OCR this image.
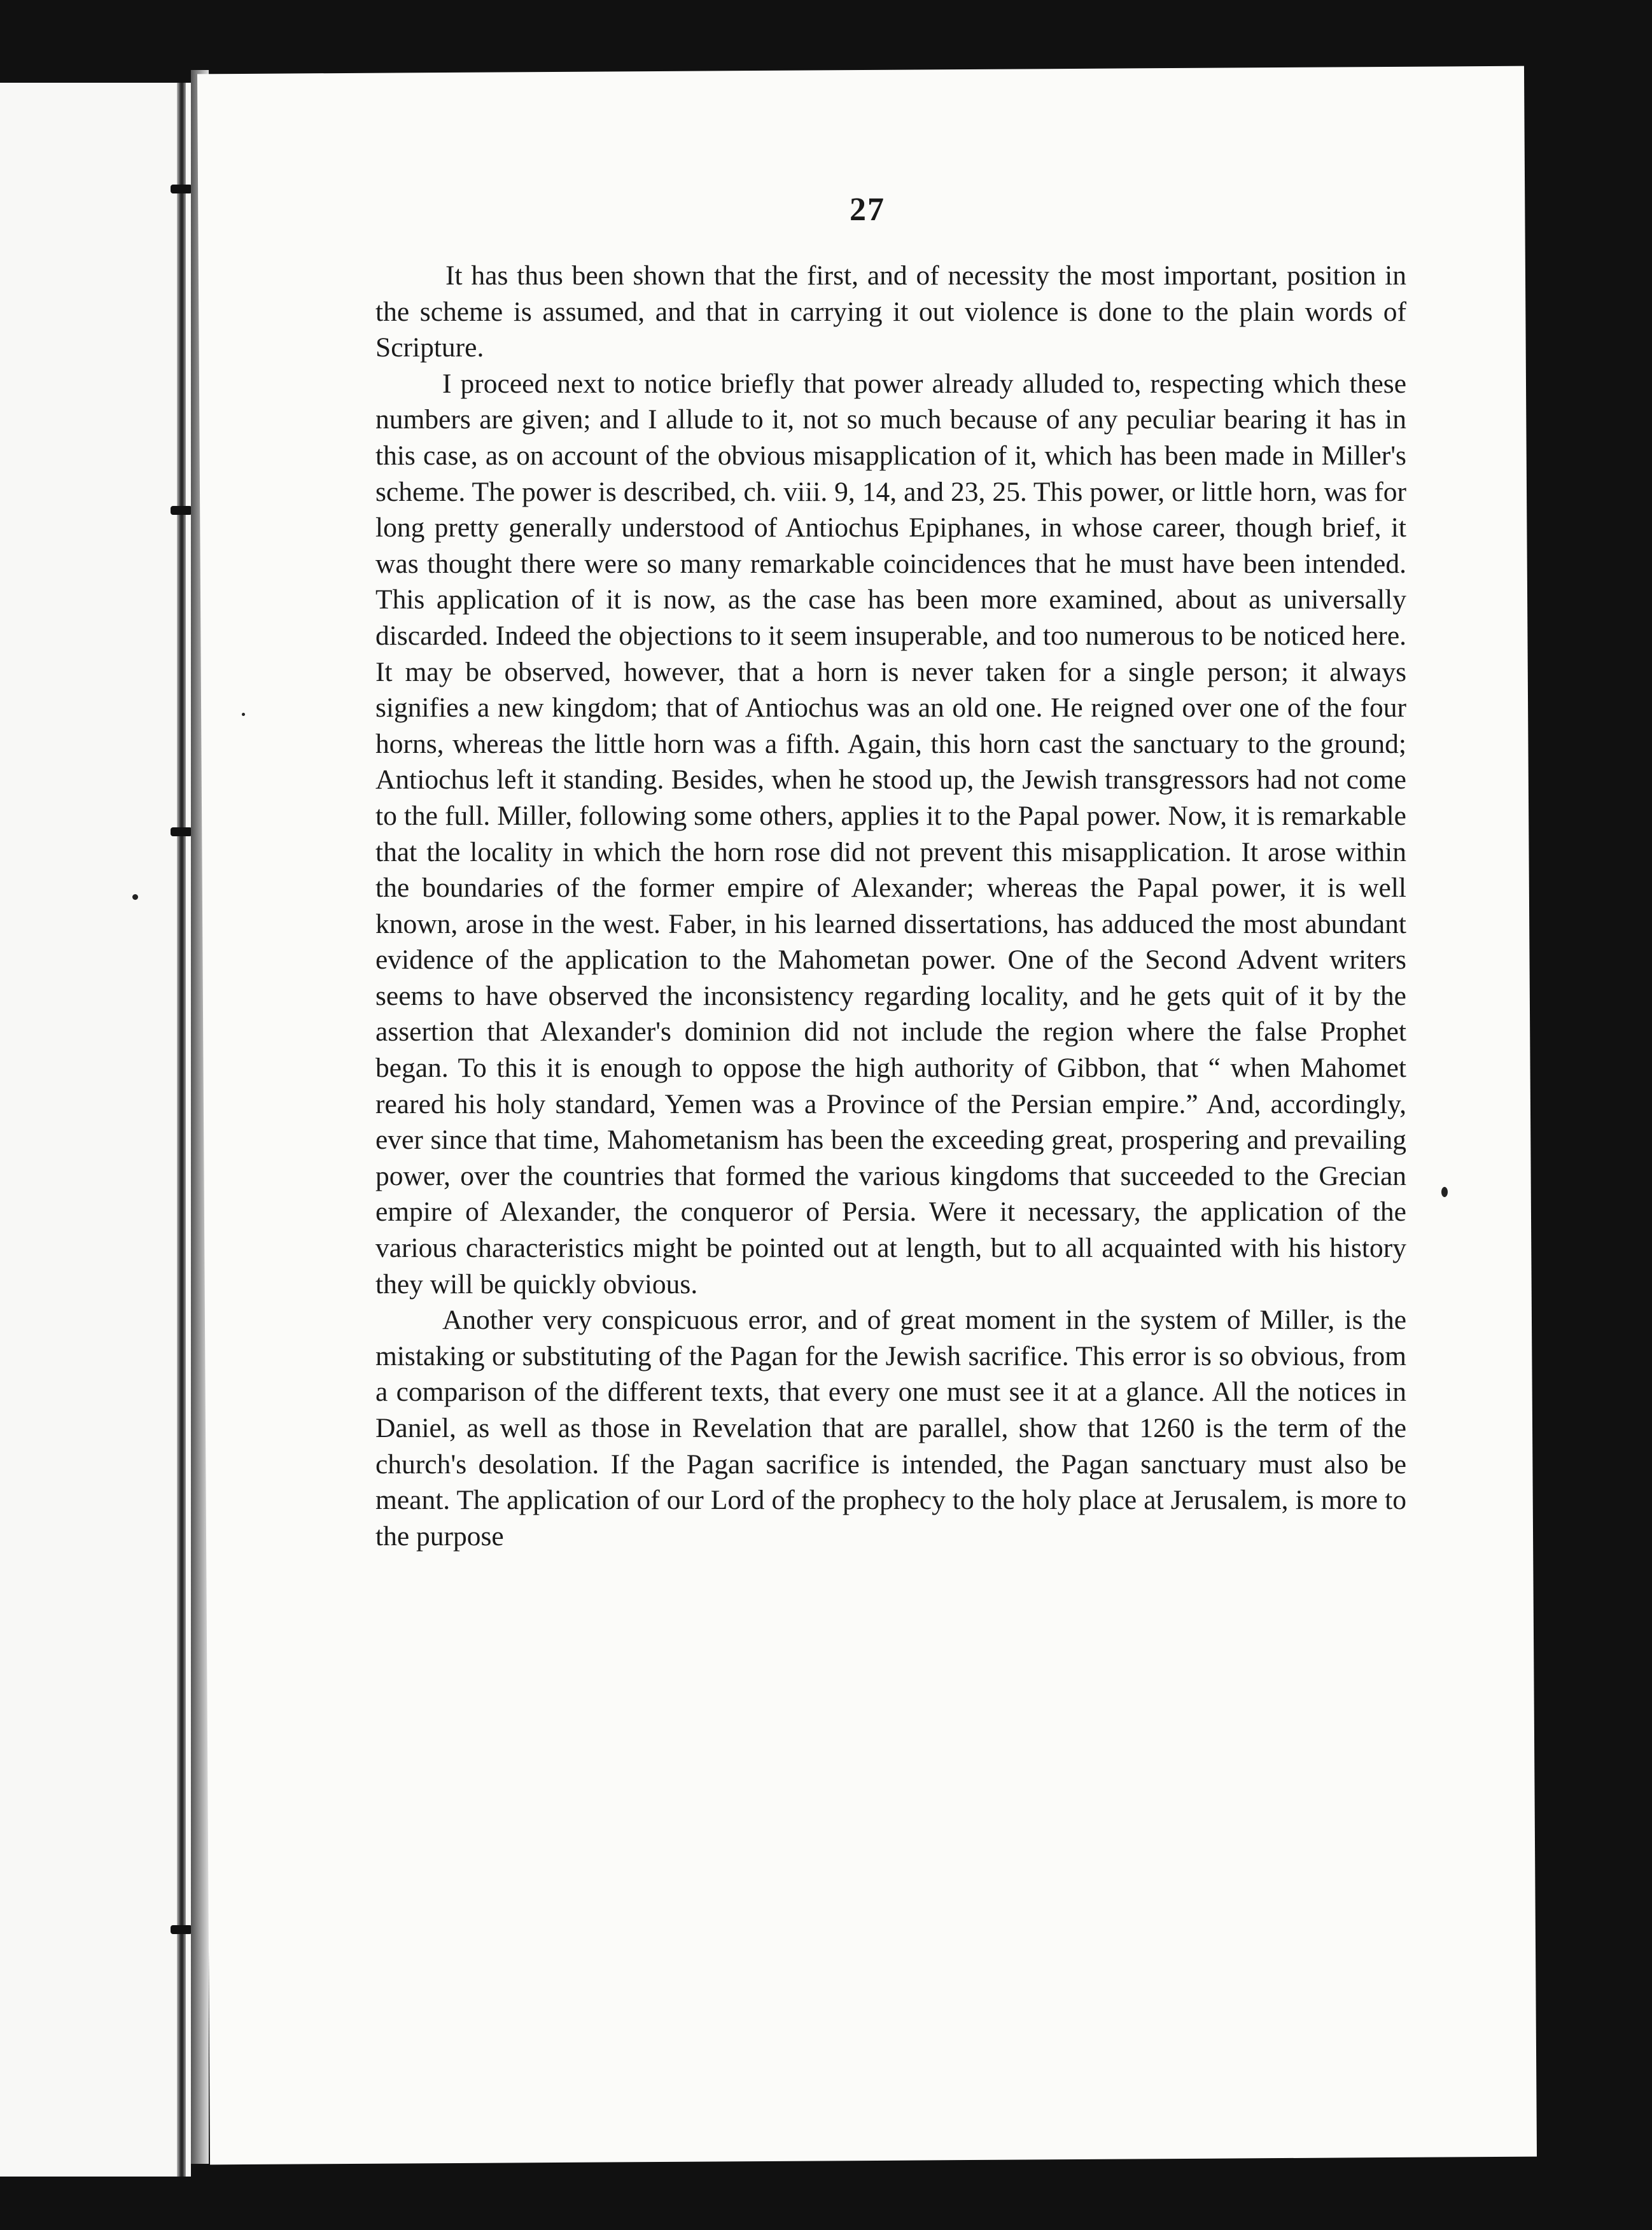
27

It has thus been shown that the first, and of necessity the most important, position in the scheme is assumed, and that in carrying it out violence is done to the plain words of Scripture.

I proceed next to notice briefly that power already alluded to, respecting which these numbers are given; and I allude to it, not so much because of any peculiar bearing it has in this case, as on account of the obvious misapplication of it, which has been made in Miller's scheme. The power is described, ch. viii. 9, 14, and 23, 25. This power, or little horn, was for long pretty generally understood of Antiochus Epiphanes, in whose career, though brief, it was thought there were so many remarkable coincidences that he must have been intended. This application of it is now, as the case has been more examined, about as universally discarded. Indeed the objections to it seem insuperable, and too numerous to be noticed here. It may be observed, however, that a horn is never taken for a single person; it always signifies a new kingdom; that of Antiochus was an old one. He reigned over one of the four horns, whereas the little horn was a fifth. Again, this horn cast the sanctuary to the ground; Antiochus left it standing. Besides, when he stood up, the Jewish transgressors had not come to the full. Miller, following some others, applies it to the Papal power. Now, it is remarkable that the locality in which the horn rose did not prevent this misapplication. It arose within the boundaries of the former empire of Alexander; whereas the Papal power, it is well known, arose in the west. Faber, in his learned dissertations, has adduced the most abundant evidence of the application to the Mahometan power. One of the Second Advent writers seems to have observed the inconsistency regarding locality, and he gets quit of it by the assertion that Alexander's dominion did not include the region where the false Prophet began. To this it is enough to oppose the high authority of Gibbon, that “ when Mahomet reared his holy standard, Yemen was a Province of the Persian empire.” And, accordingly, ever since that time, Mahometanism has been the exceeding great, prospering and prevailing power, over the countries that formed the various kingdoms that succeeded to the Grecian empire of Alexander, the conqueror of Persia. Were it necessary, the application of the various characteristics might be pointed out at length, but to all acquainted with his history they will be quickly obvious.

Another very conspicuous error, and of great moment in the system of Miller, is the mistaking or substituting of the Pagan for the Jewish sacrifice. This error is so obvious, from a comparison of the different texts, that every one must see it at a glance. All the notices in Daniel, as well as those in Revelation that are parallel, show that 1260 is the term of the church's desolation. If the Pagan sacrifice is intended, the Pagan sanctuary must also be meant. The application of our Lord of the prophecy to the holy place at Jerusalem, is more to the purpose
